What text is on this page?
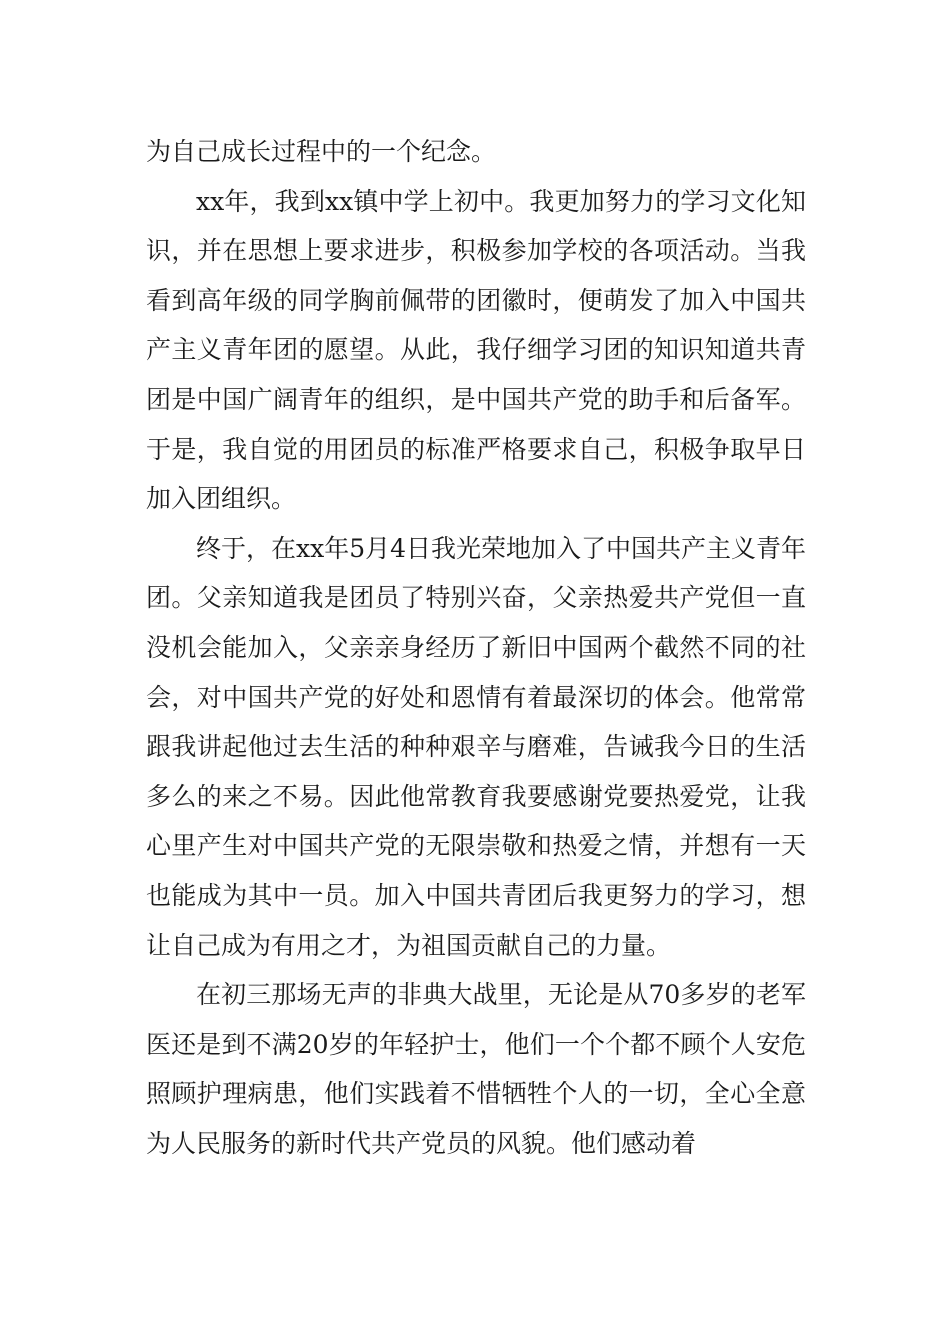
为自己成长过程中的一个纪念。

xx年，我到xx镇中学上初中。我更加努力的学习文化知识，并在思想上要求进步，积极参加学校的各项活动。当我看到高年级的同学胸前佩带的团徽时，便萌发了加入中国共产主义青年团的愿望。从此，我仔细学习团的知识知道共青团是中国广阔青年的组织，是中国共产党的助手和后备军。于是，我自觉的用团员的标准严格要求自己，积极争取早日加入团组织。

终于，在xx年5月4日我光荣地加入了中国共产主义青年团。父亲知道我是团员了特别兴奋，父亲热爱共产党但一直没机会能加入，父亲亲身经历了新旧中国两个截然不同的社会，对中国共产党的好处和恩情有着最深切的体会。他常常跟我讲起他过去生活的种种艰辛与磨难，告诫我今日的生活多么的来之不易。因此他常教育我要感谢党要热爱党，让我心里产生对中国共产党的无限崇敬和热爱之情，并想有一天也能成为其中一员。加入中国共青团后我更努力的学习，想让自己成为有用之才，为祖国贡献自己的力量。

在初三那场无声的非典大战里，无论是从70多岁的老军医还是到不满20岁的年轻护士，他们一个个都不顾个人安危照顾护理病患，他们实践着不惜牺牲个人的一切，全心全意为人民服务的新时代共产党员的风貌。他们感动着
